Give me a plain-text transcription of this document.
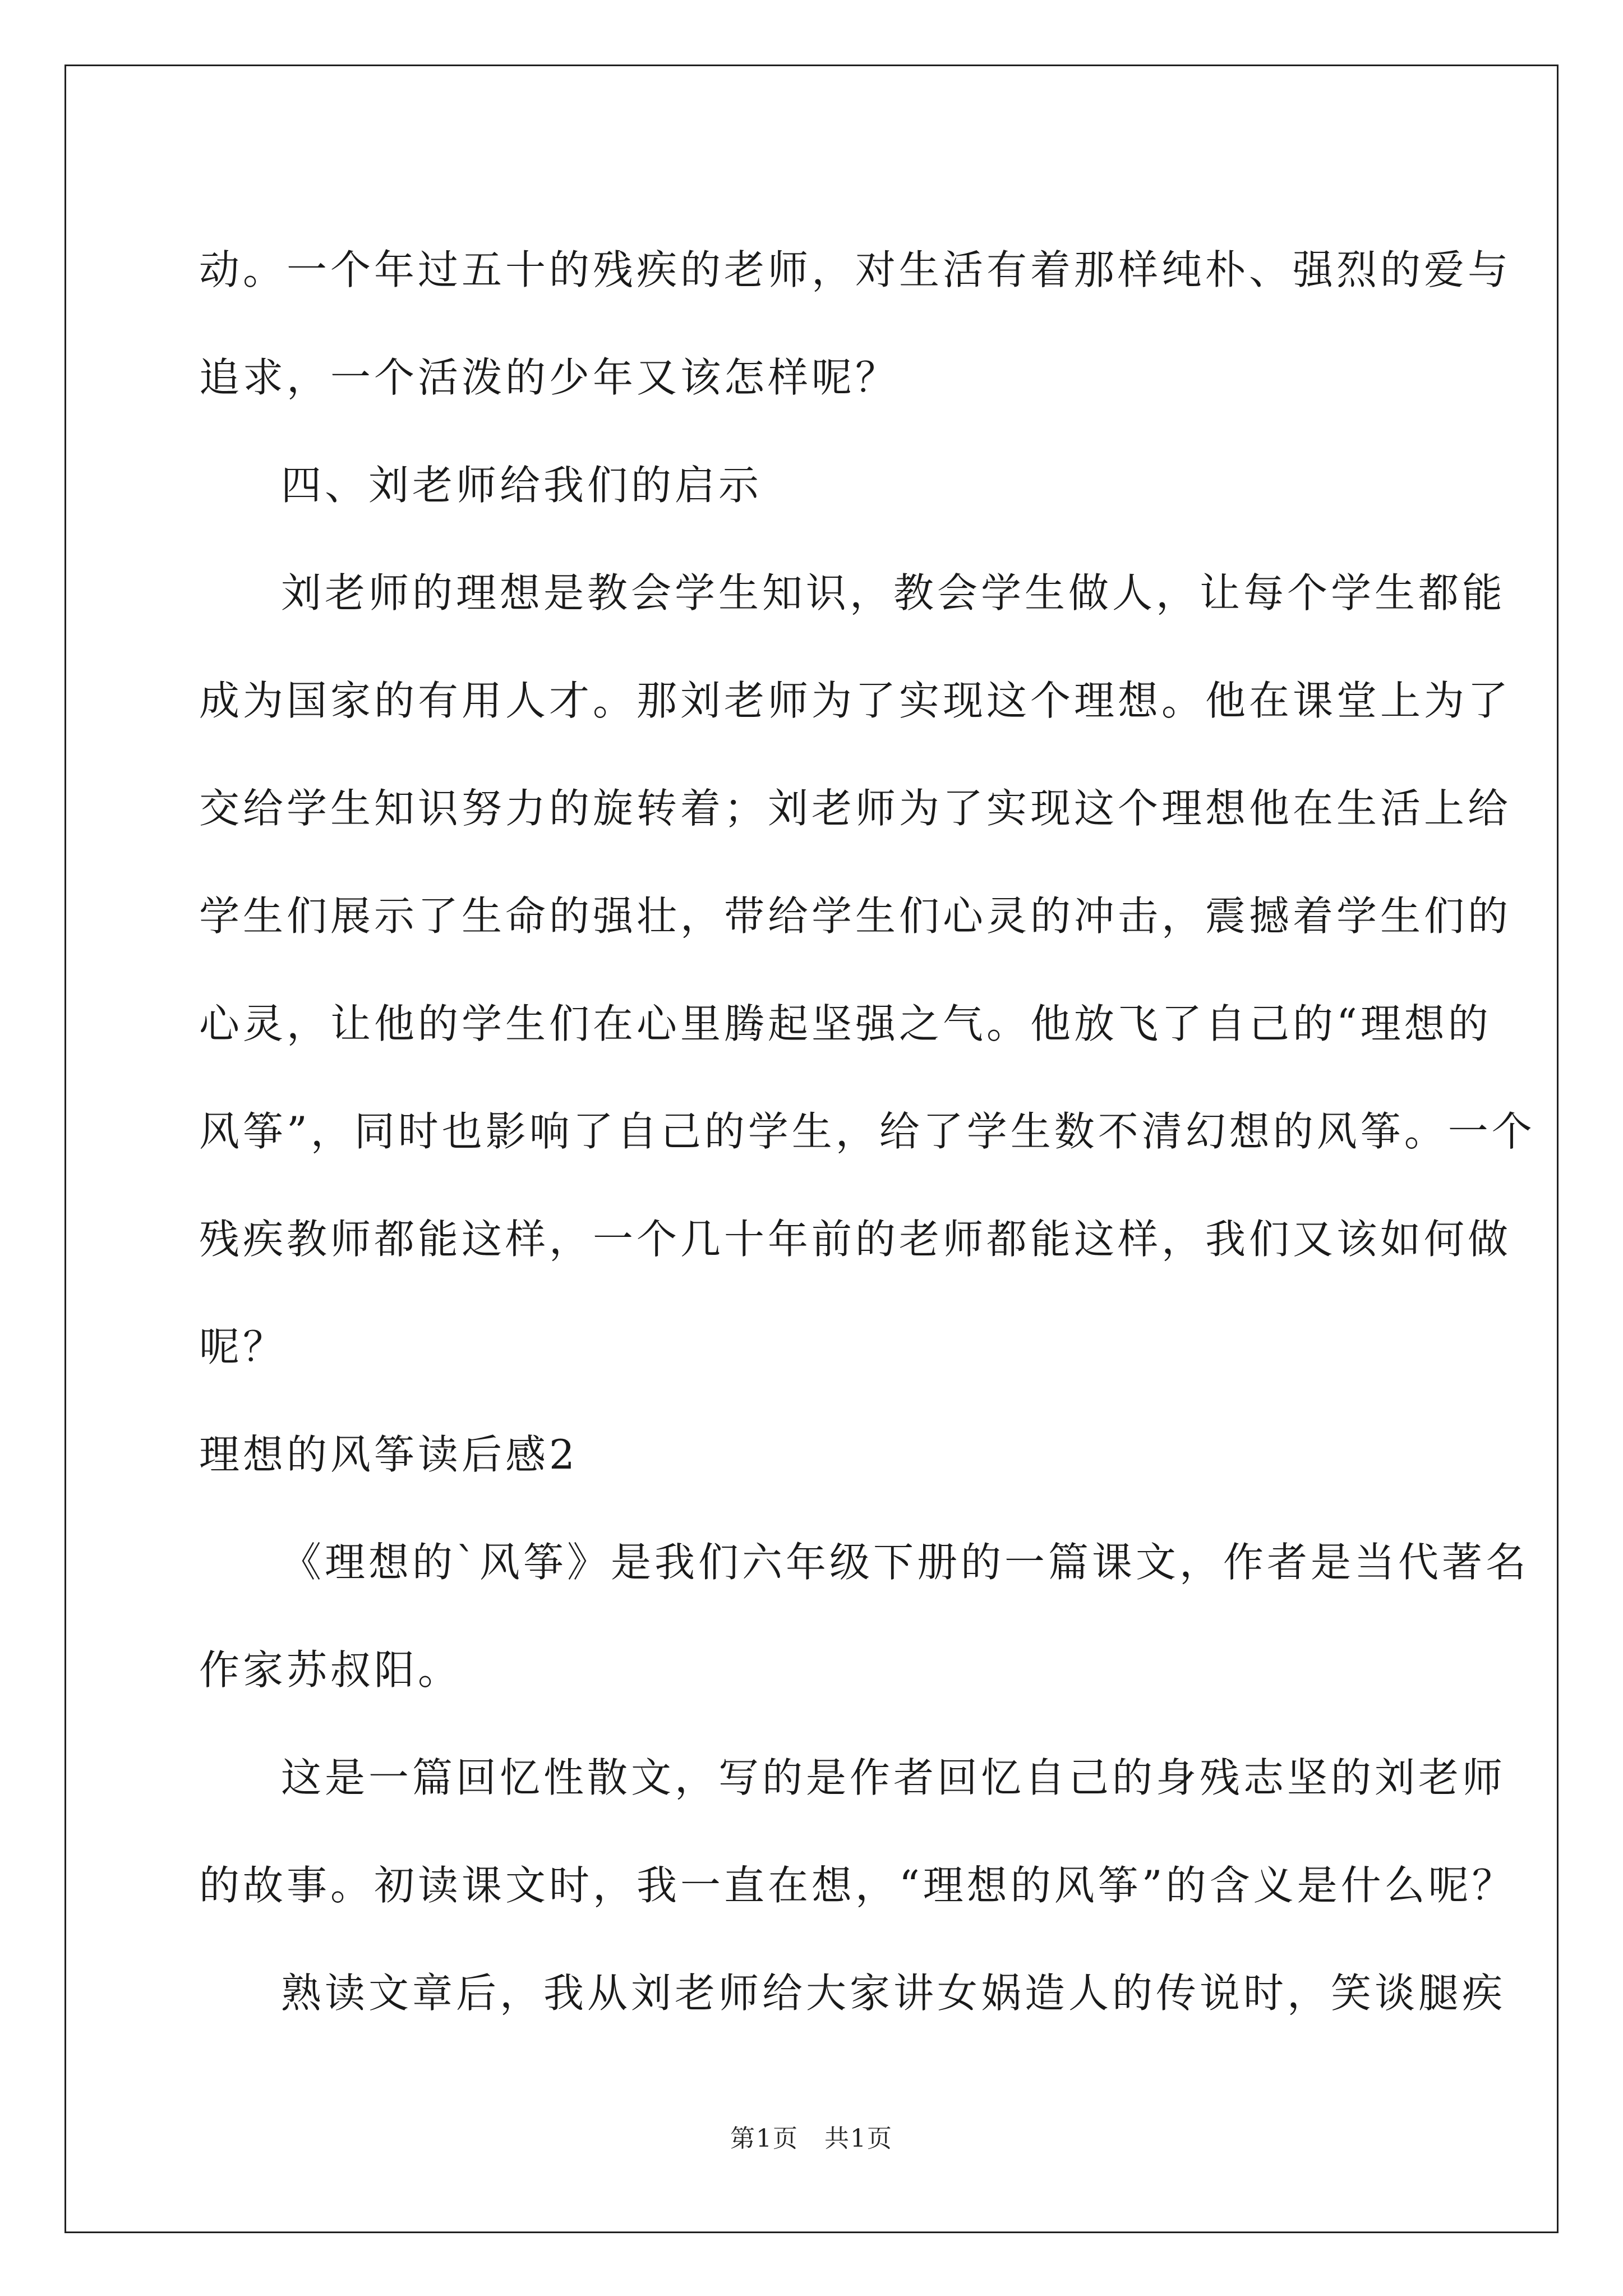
动。一个年过五十的残疾的老师，对生活有着那样纯朴、强烈的爱与
追求，一个活泼的少年又该怎样呢？
四、刘老师给我们的启示
刘老师的理想是教会学生知识，教会学生做人，让每个学生都能
成为国家的有用人才。那刘老师为了实现这个理想。他在课堂上为了
交给学生知识努力的旋转着；刘老师为了实现这个理想他在生活上给
学生们展示了生命的强壮，带给学生们心灵的冲击，震撼着学生们的
心灵，让他的学生们在心里腾起坚强之气。他放飞了自己的“理想的
风筝”，同时也影响了自己的学生，给了学生数不清幻想的风筝。一个
残疾教师都能这样，一个几十年前的老师都能这样，我们又该如何做
呢？
理想的风筝读后感2
《理想的`风筝》是我们六年级下册的一篇课文，作者是当代著名
作家苏叔阳。
这是一篇回忆性散文，写的是作者回忆自己的身残志坚的刘老师
的故事。初读课文时，我一直在想，“理想的风筝”的含义是什么呢？
熟读文章后，我从刘老师给大家讲女娲造人的传说时，笑谈腿疾
第1页　共1页
